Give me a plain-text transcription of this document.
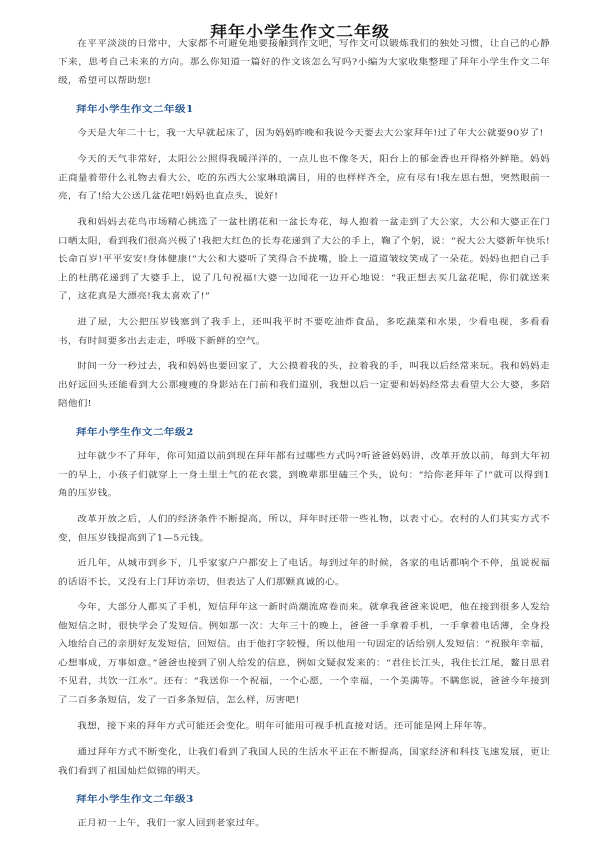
拜年小学生作文二年级
在平平淡淡的日常中，大家都不可避免地要接触到作文吧，写作文可以锻炼我们的独处习惯，让自己的心静下来，思考自己未来的方向。那么你知道一篇好的作文该怎么写吗?小编为大家收集整理了拜年小学生作文二年级，希望可以帮助您!
拜年小学生作文二年级1
今天是大年二十七，我一大早就起床了，因为妈妈昨晚和我说今天要去大公家拜年!过了年大公就要90岁了!
今天的天气非常好，太阳公公照得我暖洋洋的，一点儿也不像冬天，阳台上的郁金香也开得格外鲜艳。妈妈正商量着带什么礼物去看大公，吃的东西大公家琳琅满目，用的也样样齐全，应有尽有!我左思右想，突然眼前一亮，有了!给大公送几盆花吧!妈妈也直点头，说好!
我和妈妈去花鸟市场精心挑选了一盆杜鹃花和一盆长寿花，每人抱着一盆走到了大公家，大公和大婆正在门口晒太阳，看到我们很高兴极了!我把大红色的长寿花递到了大公的手上，鞠了个躬，说：“祝大公大婆新年快乐!长命百岁!平平安安!身体健康!”大公和大婆听了笑得合不拢嘴，脸上一道道皱纹笑成了一朵花。妈妈也把自己手上的杜鹃花递到了大婆手上，说了几句祝福!大婆一边闻花一边开心地说：“我正想去买几盆花呢，你们就送来了，这花真是大漂亮!我太喜欢了!”
进了屋，大公把压岁钱塞到了我手上，还叫我平时不要吃油炸食品，多吃蔬菜和水果，少看电视，多看看书，有时间要多出去走走，呼吸下新鲜的空气。
时间一分一秒过去，我和妈妈也要回家了，大公摸着我的头，拉着我的手，叫我以后经常来玩。我和妈妈走出好远回头还能看到大公那瘦瘦的身影站在门前和我们道别，我想以后一定要和妈妈经常去看望大公大婆，多陪陪他们!
拜年小学生作文二年级2
过年就少不了拜年，你可知道以前到现在拜年都有过哪些方式吗?听爸爸妈妈讲，改革开放以前，每到大年初一的早上，小孩子们就穿上一身土里土气的花衣裳，到晚辈那里磕三个头，说句：“给你老拜年了!”就可以得到1角的压岁钱。
改革开放之后，人们的经济条件不断提高，所以，拜年时还带一些礼物，以表寸心。农村的人们其实方式不变，但压岁钱提高到了1—5元钱。
近几年，从城市到乡下，几乎家家户户都安上了电话。每到过年的时候，各家的电话都响个不停，虽说祝福的话语不长，又没有上门拜访亲切，但表达了人们那颗真诚的心。
今年，大部分人都买了手机，短信拜年这一新时尚潮流席卷而来。就拿我爸爸来说吧，他在接到很多人发给他短信之时，很快学会了发短信。例如那一次：大年三十的晚上，爸爸一手拿着手机，一手拿着电话薄，全身投入地给自己的亲朋好友发短信，回短信。由于他打字较慢，所以他用一句固定的话给别人发短信：“祝猴年幸福，心想事成，万事如意。”爸爸也接到了别人给发的信息，例如文疑叔发来的：“君住长江头，我住长江尾，鳌日思君不见君，共饮一江水”。还有：“我送你一个祝福，一个心愿，一个幸福，一个美满等。不瞒您说，爸爸今年接到了二百多条短信，发了一百多条短信，怎么样，厉害吧!
我想，接下来的拜年方式可能还会变化。明年可能用可视手机直接对话。还可能是网上拜年等。
通过拜年方式不断变化，让我们看到了我国人民的生活水平正在不断提高，国家经济和科技飞速发展，更让我们看到了祖国灿烂似锦的明天。
拜年小学生作文二年级3
正月初一上午，我们一家人回到老家过年。
